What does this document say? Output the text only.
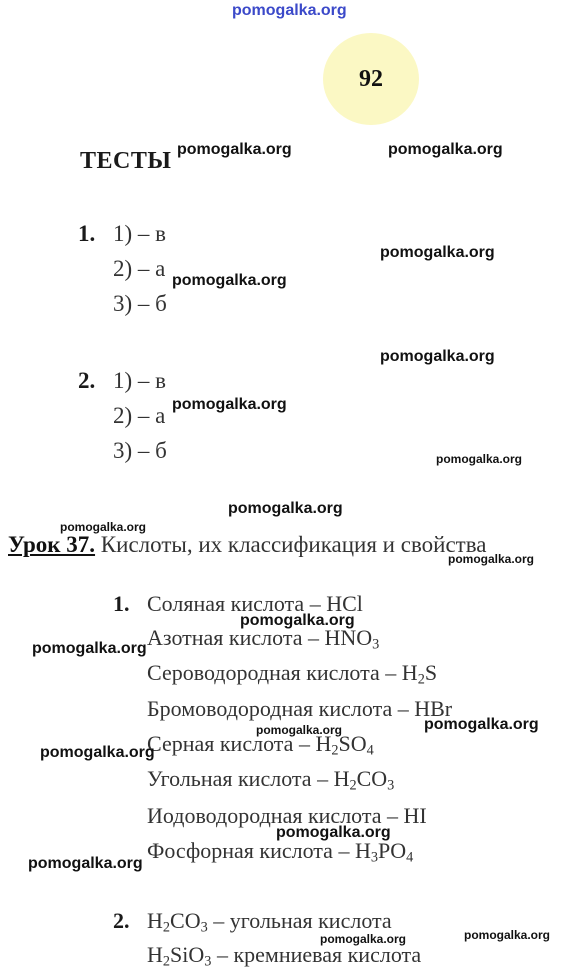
pomogalka.org
92
ТЕСТЫ
1. 1) – в
2) – а
3) – б
2. 1) – в
2) – а
3) – б
Урок 37. Кислоты, их классификация и свойства
1. Соляная кислота – HCl
Азотная кислота – $HNO_3$
Сероводородная кислота – $H_2S$
Бромоводородная кислота – HBr
Серная кислота – $H_2SO_4$
Угольная кислота – $H_2CO_3$
Иодоводородная кислота – HI
Фосфорная кислота – $H_3PO_4$
2. $H_2CO_3$ – угольная кислота
$H_2SiO_3$ – кремниевая кислота
pomogalka.org	pomogalka.org
pomogalka.org
pomogalka.org
pomogalka.org
pomogalka.org
pomogalka.org
pomogalka.org
pomogalka.org
pomogalka.org
pomogalka.org
pomogalka.org
pomogalka.org	pomogalka.org
pomogalka.org
pomogalka.org
pomogalka.org
pomogalka.org	pomogalka.org
